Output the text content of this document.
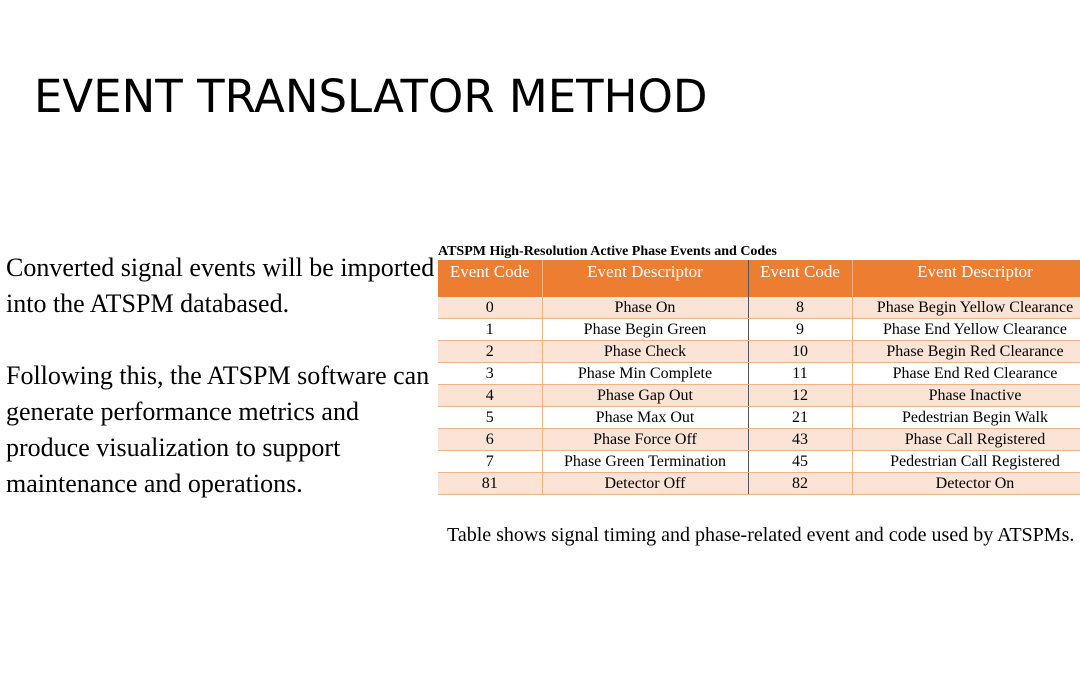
EVENT TRANSLATOR METHOD

Converted signal events will be imported into the ATSPM databased.

Following this, the ATSPM software can generate performance metrics and produce visualization to support maintenance and operations.

ATSPM High-Resolution Active Phase Events and Codes
Event Code	Event Descriptor	Event Code	Event Descriptor
0	Phase On	8	Phase Begin Yellow Clearance
1	Phase Begin Green	9	Phase End Yellow Clearance
2	Phase Check	10	Phase Begin Red Clearance
3	Phase Min Complete	11	Phase End Red Clearance
4	Phase Gap Out	12	Phase Inactive
5	Phase Max Out	21	Pedestrian Begin Walk
6	Phase Force Off	43	Phase Call Registered
7	Phase Green Termination	45	Pedestrian Call Registered
81	Detector Off	82	Detector On
Table shows signal timing and phase-related event and code used by ATSPMs.
